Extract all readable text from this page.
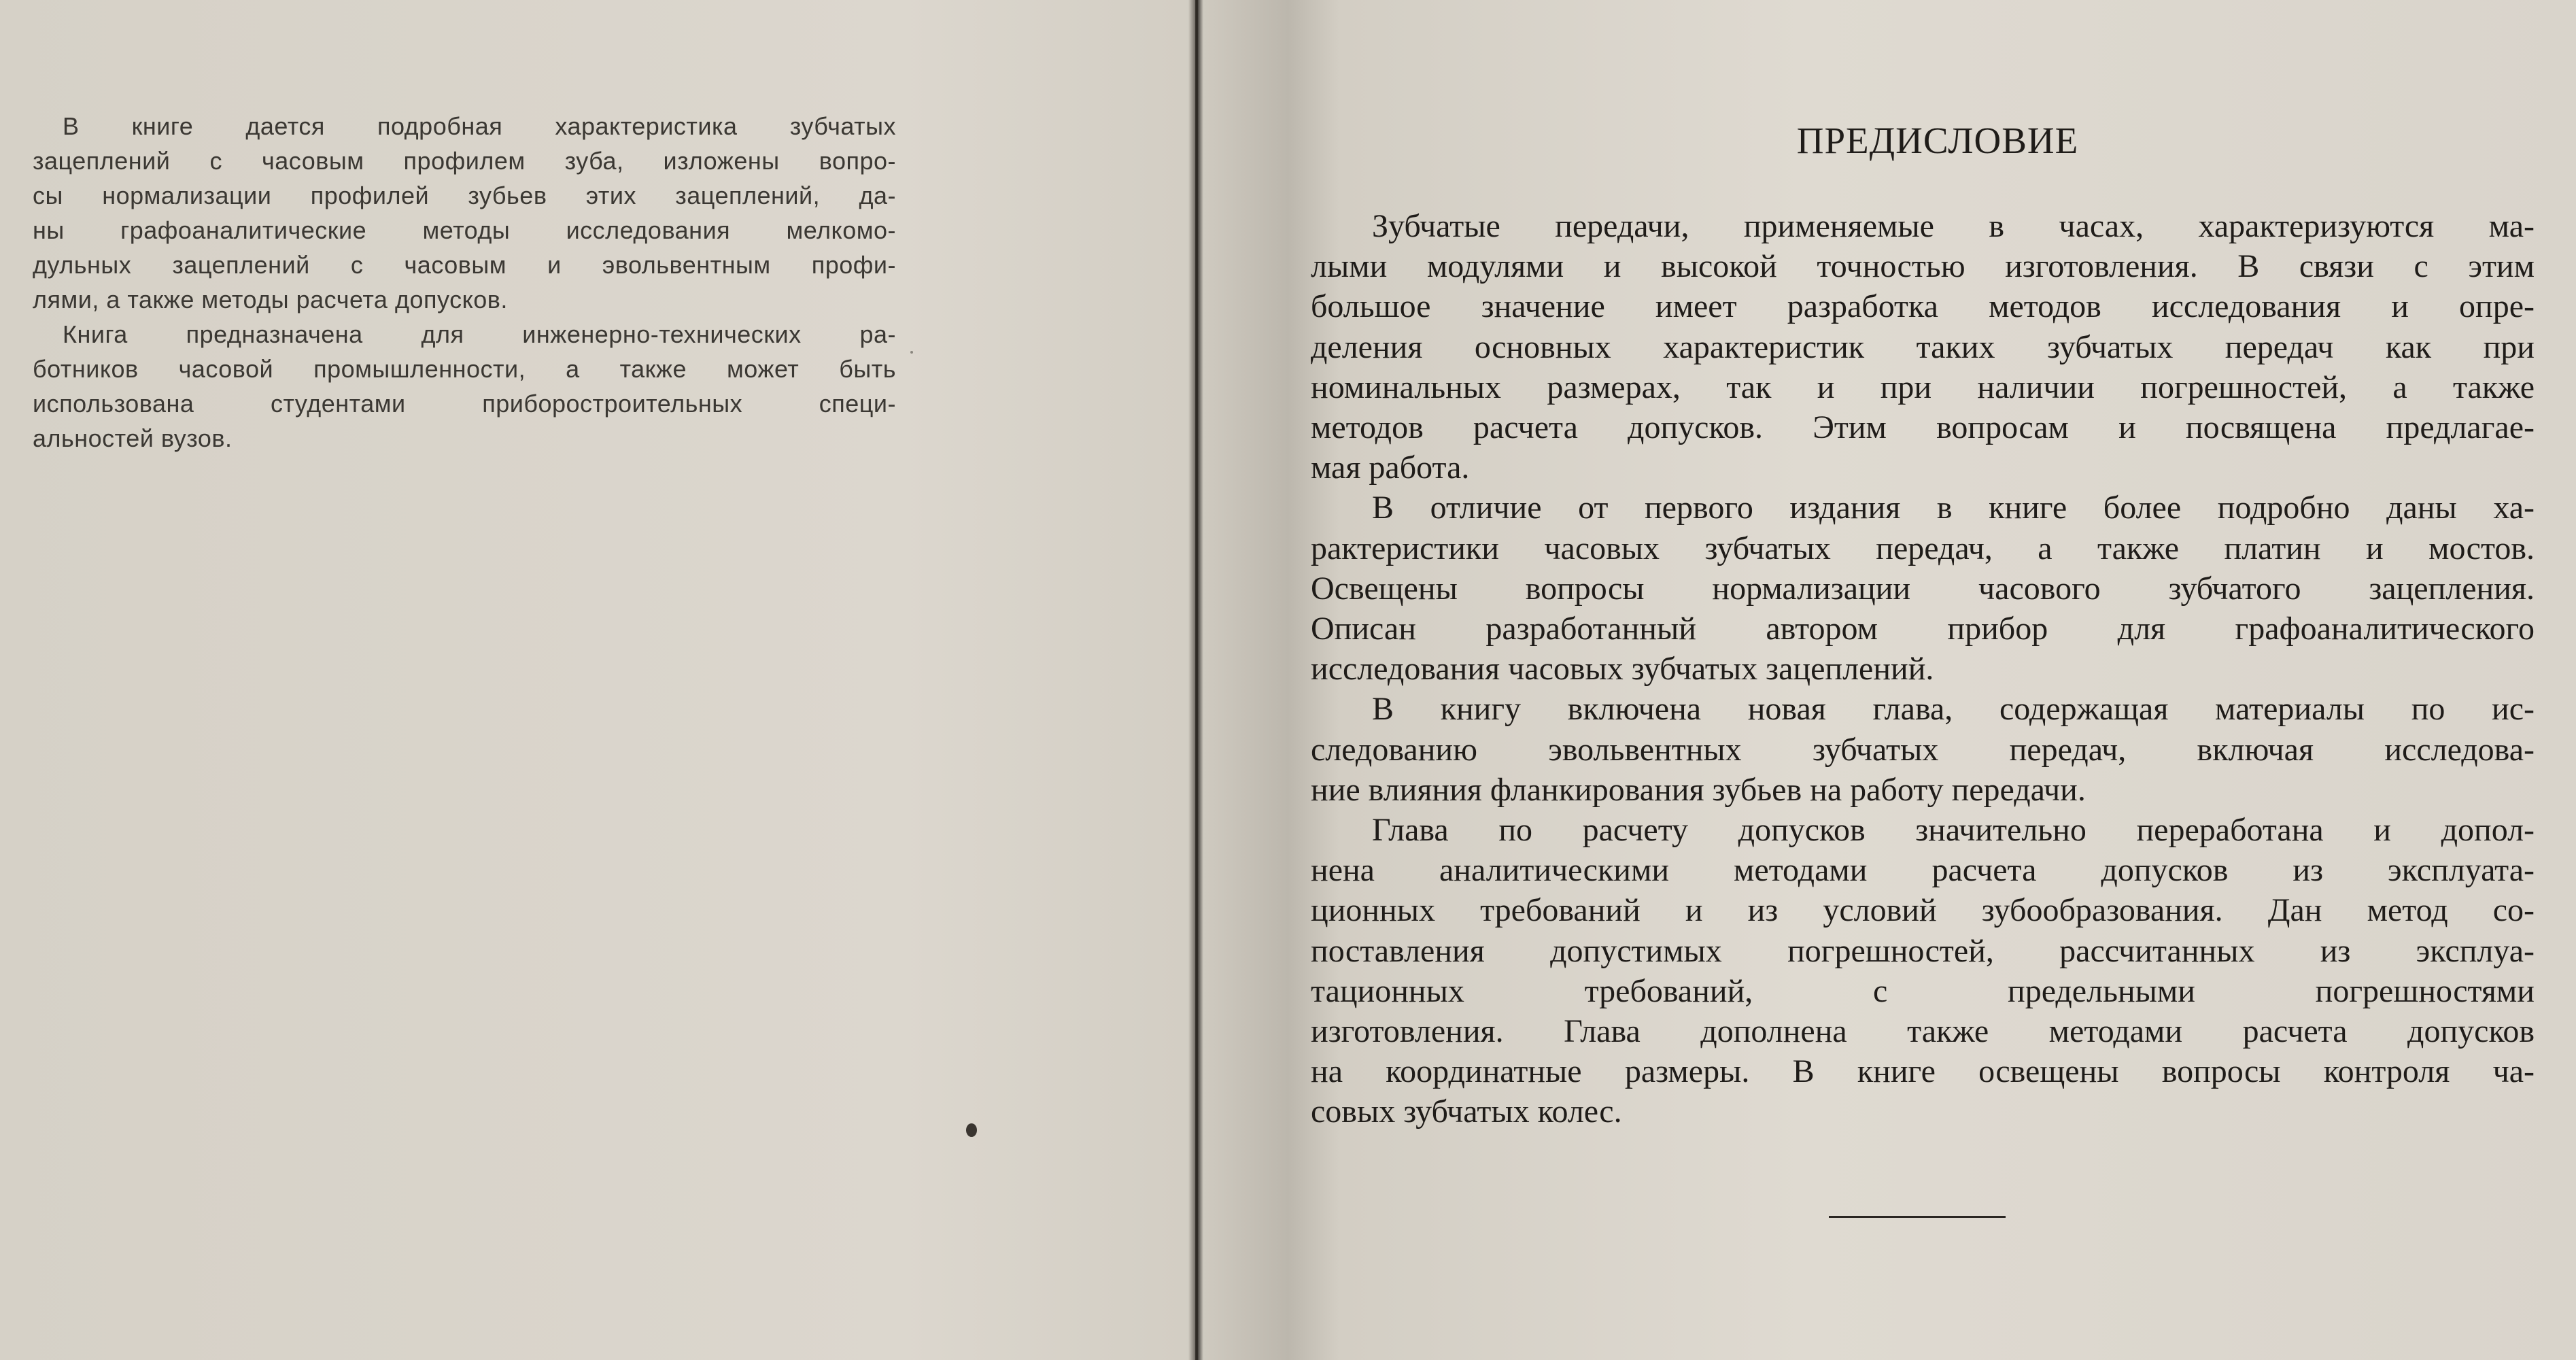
В книге дается подробная характеристика зубчатых
зацеплений с часовым профилем зуба, изложены вопро-
сы нормализации профилей зубьев этих зацеплений, да-
ны графоаналитические методы исследования мелкомо-
дульных зацеплений с часовым и эвольвентным профи-
лями, а также методы расчета допусков.
Книга предназначена для инженерно-технических ра-
ботников часовой промышленности, а также может быть
использована студентами приборостроительных специ-
альностей вузов.
ПРЕДИСЛОВИЕ
Зубчатые передачи, применяемые в часах, характеризуются ма-
лыми модулями и высокой точностью изготовления. В связи с этим
большое значение имеет разработка методов исследования и опре-
деления основных характеристик таких зубчатых передач как при
номинальных размерах, так и при наличии погрешностей, а также
методов расчета допусков. Этим вопросам и посвящена предлагае-
мая работа.
В отличие от первого издания в книге более подробно даны ха-
рактеристики часовых зубчатых передач, а также платин и мостов.
Освещены вопросы нормализации часового зубчатого зацепления.
Описан разработанный автором прибор для графоаналитического
исследования часовых зубчатых зацеплений.
В книгу включена новая глава, содержащая материалы по ис-
следованию эвольвентных зубчатых передач, включая исследова-
ние влияния фланкирования зубьев на работу передачи.
Глава по расчету допусков значительно переработана и допол-
нена аналитическими методами расчета допусков из эксплуата-
ционных требований и из условий зубообразования. Дан метод со-
поставления допустимых погрешностей, рассчитанных из эксплуа-
тационных требований, с предельными погрешностями
изготовления. Глава дополнена также методами расчета допусков
на координатные размеры. В книге освещены вопросы контроля ча-
совых зубчатых колес.
